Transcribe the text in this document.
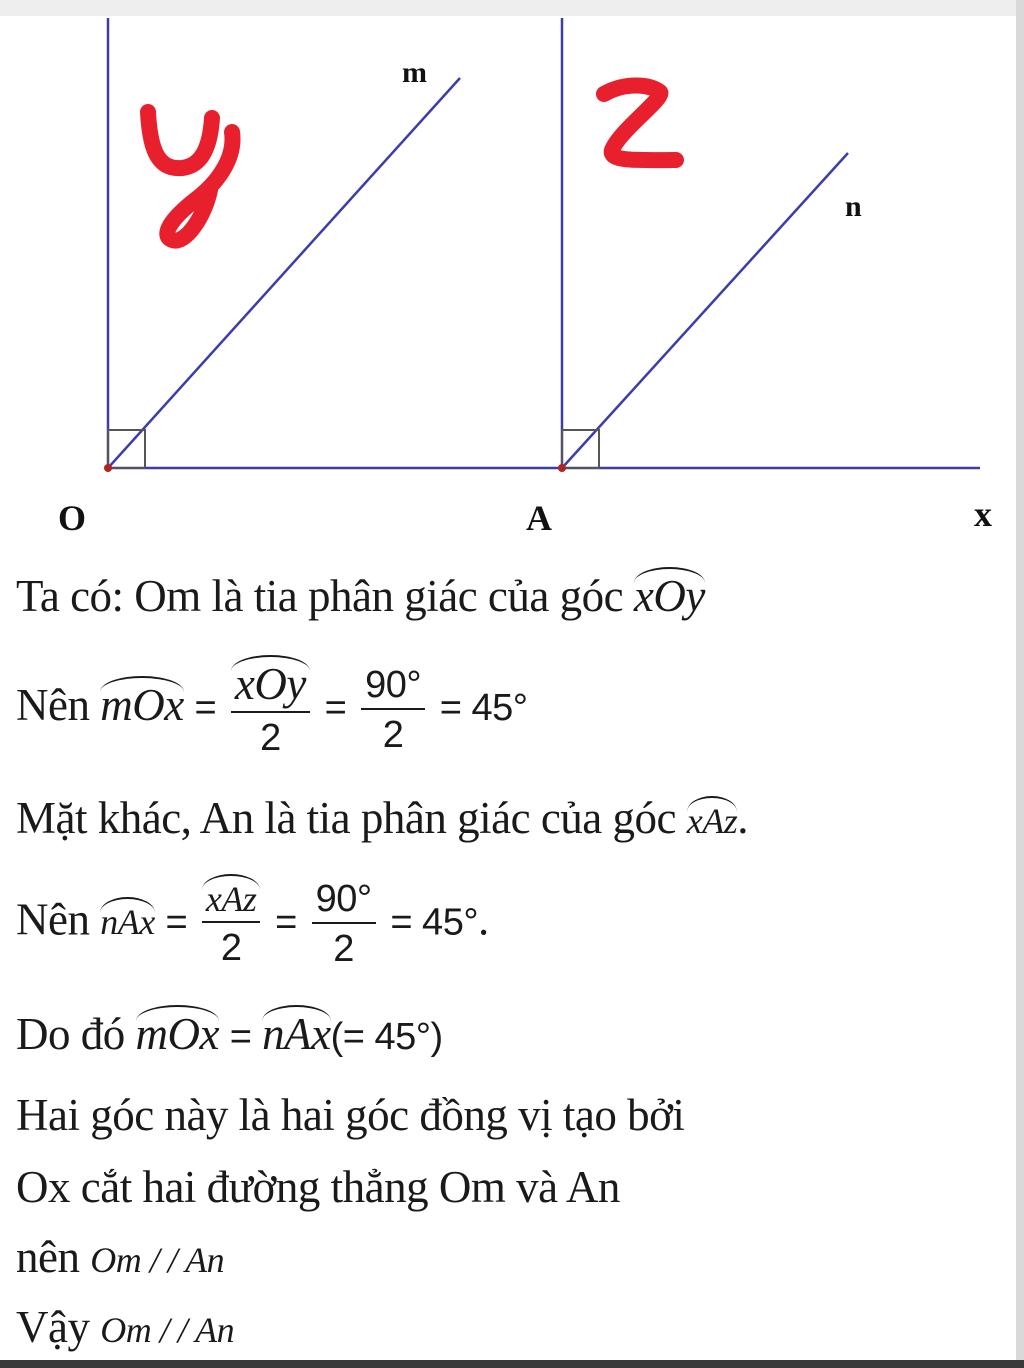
m
n
O	A	x
Ta có: Om là tia phân giác của góc xOy
Nên mOx = $\frac{\text{xOy}}{2} = \frac{90^\circ}{2} = 45^\circ$
Mặt khác, An là tia phân giác của góc xAz.
Nên nAx = $\frac{\text{xAz}}{2} = \frac{90^\circ}{2} = 45^\circ$.
Do đó mOx = nAx(= 45°)
Hai góc này là hai góc đồng vị tạo bởi
Ox cắt hai đường thẳng Om và An
nên Om / / An
Vậy Om / / An
